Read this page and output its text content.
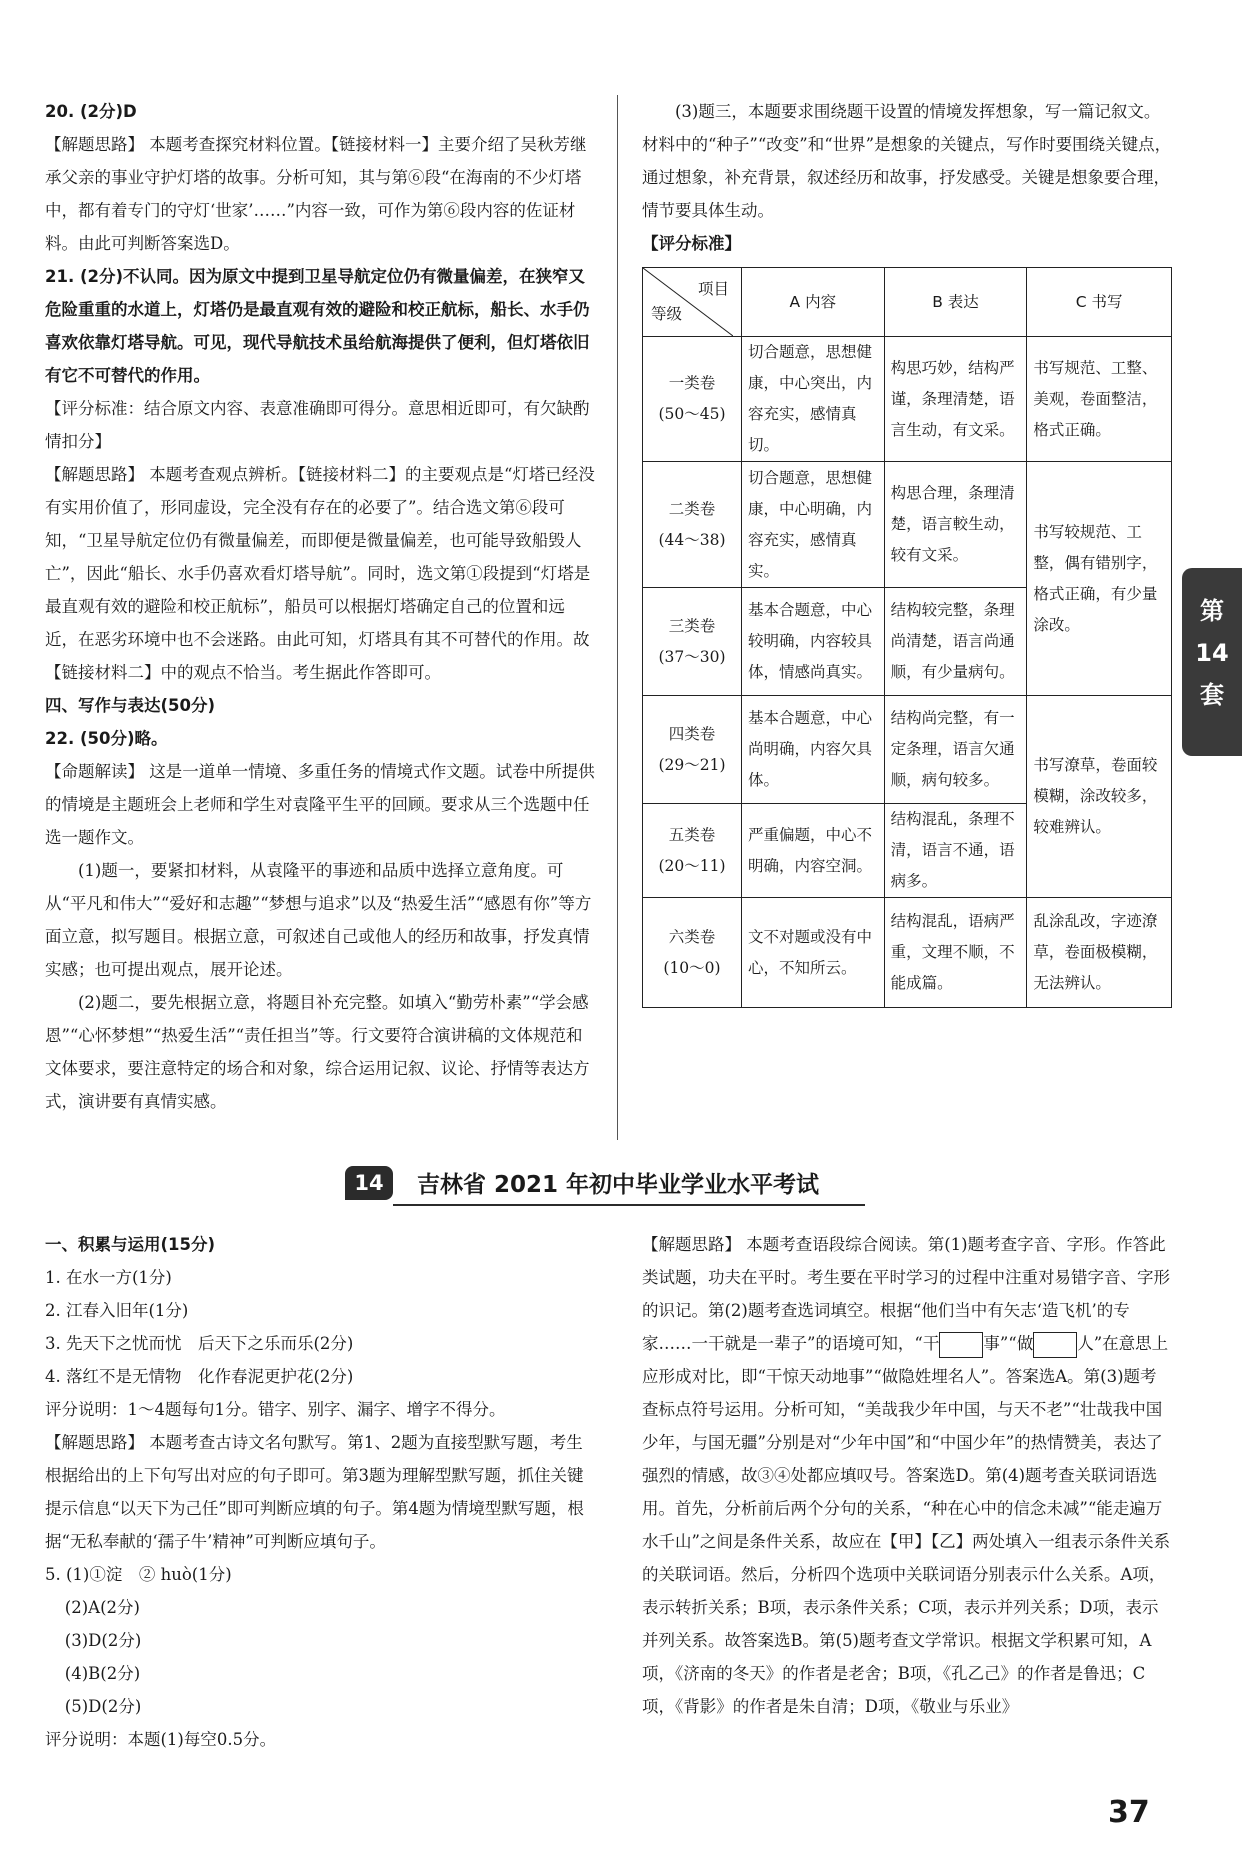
20. (2分)D

【解题思路】 本题考查探究材料位置。【链接材料一】主要介绍了吴秋芳继承父亲的事业守护灯塔的故事。分析可知，其与第⑥段“在海南的不少灯塔中，都有着专门的守灯‘世家’……”内容一致，可作为第⑥段内容的佐证材料。由此可判断答案选D。

21. (2分)不认同。因为原文中提到卫星导航定位仍有微量偏差，在狭窄又危险重重的水道上，灯塔仍是最直观有效的避险和校正航标，船长、水手仍喜欢依靠灯塔导航。可见，现代导航技术虽给航海提供了便利，但灯塔依旧有它不可替代的作用。

【评分标准：结合原文内容、表意准确即可得分。意思相近即可，有欠缺酌情扣分】

【解题思路】 本题考查观点辨析。【链接材料二】的主要观点是“灯塔已经没有实用价值了，形同虚设，完全没有存在的必要了”。结合选文第⑥段可知，“卫星导航定位仍有微量偏差，而即便是微量偏差，也可能导致船毁人亡”，因此“船长、水手仍喜欢看灯塔导航”。同时，选文第①段提到“灯塔是最直观有效的避险和校正航标”，船员可以根据灯塔确定自己的位置和远近，在恶劣环境中也不会迷路。由此可知，灯塔具有其不可替代的作用。故【链接材料二】中的观点不恰当。考生据此作答即可。

四、写作与表达(50分)

22. (50分)略。

【命题解读】 这是一道单一情境、多重任务的情境式作文题。试卷中所提供的情境是主题班会上老师和学生对袁隆平生平的回顾。要求从三个选题中任选一题作文。

(1)题一，要紧扣材料，从袁隆平的事迹和品质中选择立意角度。可从“平凡和伟大”“爱好和志趣”“梦想与追求”以及“热爱生活”“感恩有你”等方面立意，拟写题目。根据立意，可叙述自己或他人的经历和故事，抒发真情实感；也可提出观点，展开论述。

(2)题二，要先根据立意，将题目补充完整。如填入“勤劳朴素”“学会感恩”“心怀梦想”“热爱生活”“责任担当”等。行文要符合演讲稿的文体规范和文体要求，要注意特定的场合和对象，综合运用记叙、议论、抒情等表达方式，演讲要有真情实感。

(3)题三，本题要求围绕题干设置的情境发挥想象，写一篇记叙文。材料中的“种子”“改变”和“世界”是想象的关键点，写作时要围绕关键点，通过想象，补充背景，叙述经历和故事，抒发感受。关键是想象要合理，情节要具体生动。

【评分标准】

项目
等级	A 内容	B 表达	C 书写
一类卷
(50～45)	切合题意，思想健康，中心突出，内容充实，感情真切。	构思巧妙，结构严谨，条理清楚，语言生动，有文采。	书写规范、工整、美观，卷面整洁，格式正确。
二类卷
(44～38)	切合题意，思想健康，中心明确，内容充实，感情真实。	构思合理，条理清楚，语言較生动，较有文采。	书写较规范、工整，偶有错别字，格式正确，有少量涂改。
三类卷
(37～30)	基本合题意，中心较明确，内容较具体，情感尚真实。	结构较完整，条理尚清楚，语言尚通顺，有少量病句。	
四类卷
(29～21)	基本合题意，中心尚明确，内容欠具体。	结构尚完整，有一定条理，语言欠通顺，病句较多。	书写潦草，卷面较模糊，涂改较多，较难辨认。
五类卷
(20～11)	严重偏题，中心不明确，内容空洞。	结构混乱，条理不清，语言不通，语病多。	
六类卷
(10～0)	文不对题或没有中心，不知所云。	结构混乱，语病严重，文理不顺，不能成篇。	乱涂乱改，字迹潦草，卷面极模糊，无法辨认。
14	吉林省 2021 年初中毕业学业水平考试

一、积累与运用(15分)

1. 在水一方(1分)

2. 江春入旧年(1分)

3. 先天下之忧而忧　后天下之乐而乐(2分)

4. 落红不是无情物　化作春泥更护花(2分)

评分说明：1～4题每句1分。错字、别字、漏字、增字不得分。

【解题思路】 本题考查古诗文名句默写。第1、2题为直接型默写题，考生根据给出的上下句写出对应的句子即可。第3题为理解型默写题，抓住关键提示信息“以天下为己任”即可判断应填的句子。第4题为情境型默写题，根据“无私奉献的‘孺子牛’精神”可判断应填句子。

5. (1)①淀　② huò(1分)

(2)A(2分)

(3)D(2分)

(4)B(2分)

(5)D(2分)

评分说明：本题(1)每空0.5分。

【解题思路】 本题考查语段综合阅读。第(1)题考查字音、字形。作答此类试题，功夫在平时。考生要在平时学习的过程中注重对易错字音、字形的识记。第(2)题考查选词填空。根据“他们当中有矢志‘造飞机’的专家……一干就是一辈子”的语境可知，“干	事”“做	人”在意思上应形成对比，即“干惊天动地事”“做隐姓埋名人”。答案选A。第(3)题考查标点符号运用。分析可知，“美哉我少年中国，与天不老”“壮哉我中国少年，与国无疆”分别是对“少年中国”和“中国少年”的热情赞美，表达了强烈的情感，故③④处都应填叹号。答案选D。第(4)题考查关联词语选用。首先，分析前后两个分句的关系，“种在心中的信念未减”“能走遍万水千山”之间是条件关系，故应在【甲】【乙】两处填入一组表示条件关系的关联词语。然后，分析四个选项中关联词语分别表示什么关系。A项，表示转折关系；B项，表示条件关系；C项，表示并列关系；D项，表示并列关系。故答案选B。第(5)题考查文学常识。根据文学积累可知，A项，《济南的冬天》的作者是老舍；B项，《孔乙己》的作者是鲁迅；C项，《背影》的作者是朱自清；D项，《敬业与乐业》

第
14
套
37
